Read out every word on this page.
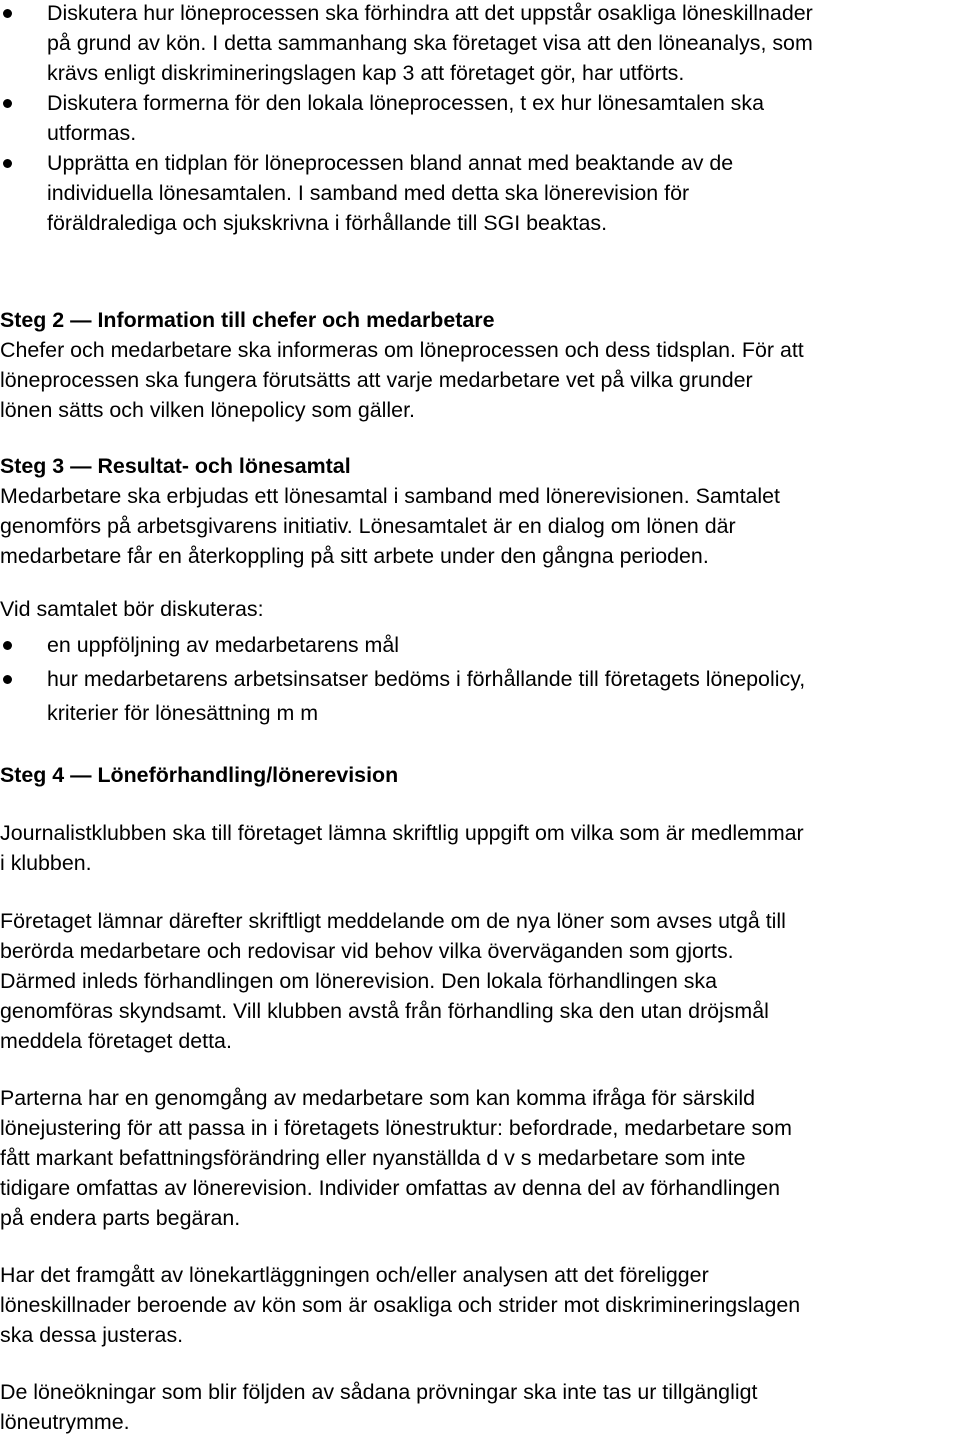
Diskutera hur löneprocessen ska förhindra att det uppstår osakliga löneskillnader
på grund av kön. I detta sammanhang ska företaget visa att den löneanalys, som
krävs enligt diskrimineringslagen kap 3 att företaget gör, har utförts.
Diskutera formerna för den lokala löneprocessen, t ex hur lönesamtalen ska
utformas.
Upprätta en tidplan för löneprocessen bland annat med beaktande av de
individuella lönesamtalen. I samband med detta ska lönerevision för
föräldralediga och sjukskrivna i förhållande till SGI beaktas.
Steg 2 — Information till chefer och medarbetare
Chefer och medarbetare ska informeras om löneprocessen och dess tidsplan. För att
löneprocessen ska fungera förutsätts att varje medarbetare vet på vilka grunder
lönen sätts och vilken lönepolicy som gäller.
Steg 3 — Resultat- och lönesamtal
Medarbetare ska erbjudas ett lönesamtal i samband med lönerevisionen. Samtalet
genomförs på arbetsgivarens initiativ. Lönesamtalet är en dialog om lönen där
medarbetare får en återkoppling på sitt arbete under den gångna perioden.
Vid samtalet bör diskuteras:
en uppföljning av medarbetarens mål
hur medarbetarens arbetsinsatser bedöms i förhållande till företagets lönepolicy,
kriterier för lönesättning m m
Steg 4 — Löneförhandling/lönerevision
Journalistklubben ska till företaget lämna skriftlig uppgift om vilka som är medlemmar
i klubben.
Företaget lämnar därefter skriftligt meddelande om de nya löner som avses utgå till
berörda medarbetare och redovisar vid behov vilka överväganden som gjorts.
Därmed inleds förhandlingen om lönerevision. Den lokala förhandlingen ska
genomföras skyndsamt. Vill klubben avstå från förhandling ska den utan dröjsmål
meddela företaget detta.
Parterna har en genomgång av medarbetare som kan komma ifråga för särskild
lönejustering för att passa in i företagets lönestruktur: befordrade, medarbetare som
fått markant befattningsförändring eller nyanställda d v s medarbetare som inte
tidigare omfattas av lönerevision. Individer omfattas av denna del av förhandlingen
på endera parts begäran.
Har det framgått av lönekartläggningen och/eller analysen att det föreligger
löneskillnader beroende av kön som är osakliga och strider mot diskrimineringslagen
ska dessa justeras.
De löneökningar som blir följden av sådana prövningar ska inte tas ur tillgängligt
löneutrymme.
